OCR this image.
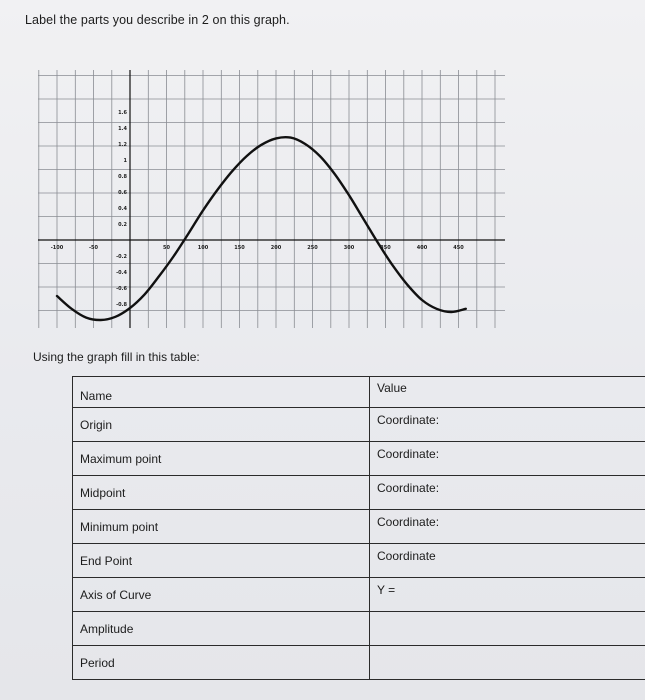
Label the parts you describe in 2 on this graph.
-100	-50	50	100	150	200	250	300	350	400	450
1.6
1.4
1.2
1
0.8
0.6
0.4
0.2
-0.2
-0.4
-0.6
-0.8
Using the graph fill in this table:
Name	Value
Origin	Coordinate:
Maximum point	Coordinate:
Midpoint	Coordinate:
Minimum point	Coordinate:
End Point	Coordinate
Axis of Curve	Y =
Amplitude	
Period	
